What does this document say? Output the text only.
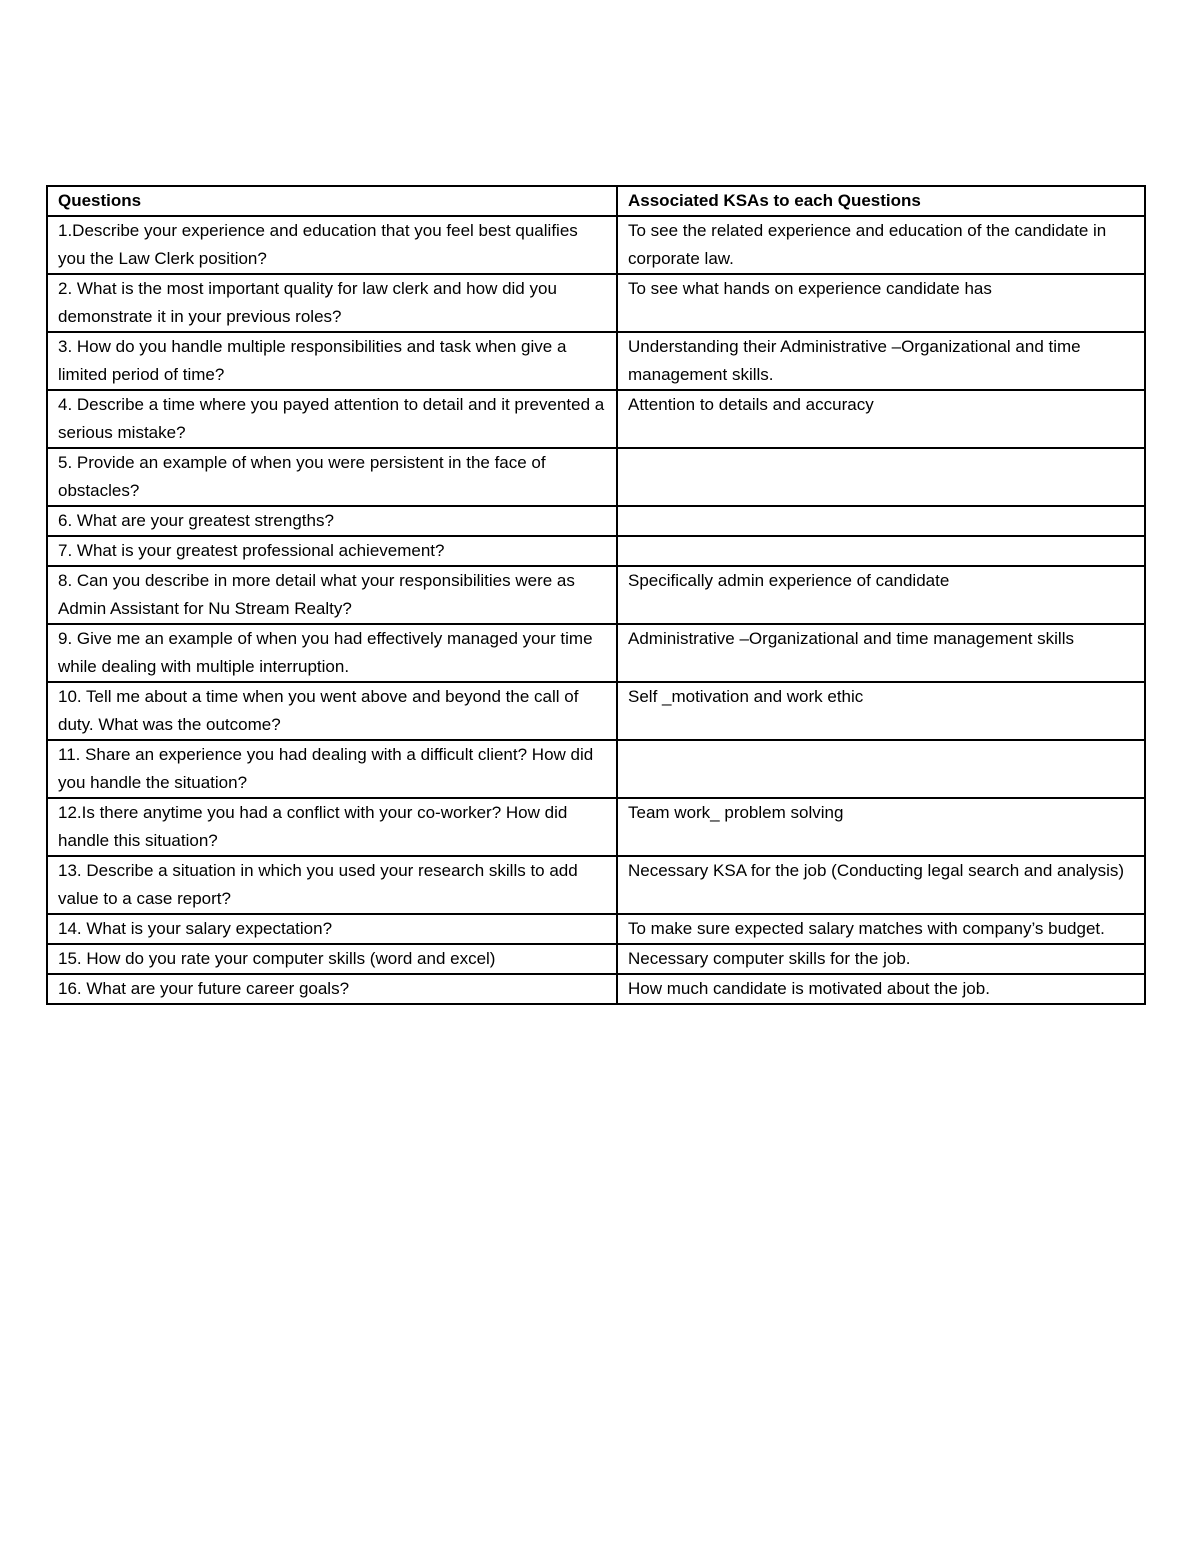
Questions	Associated KSAs to each Questions
1.Describe your experience and education that you feel best qualifies you the Law Clerk position?	To see the related experience and education of the candidate in corporate law.
2. What is the most important quality for law clerk and how did you demonstrate it in your previous roles?	To see what hands on experience candidate has
3. How do you handle multiple responsibilities and task when give a limited period of time?	Understanding their Administrative –Organizational and time management skills.
4. Describe a time where you payed attention to detail and it prevented a serious mistake?	Attention to details and accuracy
5. Provide an example of when you were persistent in the face of obstacles?	
6. What are your greatest strengths?	
7. What is your greatest professional achievement?	
8. Can you describe in more detail what your responsibilities were as Admin Assistant for Nu Stream Realty?	Specifically admin experience of candidate
9. Give me an example of when you had effectively managed your time while dealing with multiple interruption.	Administrative –Organizational and time management skills
10. Tell me about a time when you went above and beyond the call of duty. What was the outcome?	Self _motivation and work ethic
11. Share an experience you had dealing with a difficult client? How did you handle the situation?	
12.Is there anytime you had a conflict with your co-worker? How did handle this situation?	Team work_ problem solving
13. Describe a situation in which you used your research skills to add value to a case report?	Necessary KSA for the job (Conducting legal search and analysis)
14. What is your salary expectation?	To make sure expected salary matches with company’s budget.
15. How do you rate your computer skills (word and excel)	Necessary computer skills for the job.
16. What are your future career goals?	How much candidate is motivated about the job.
